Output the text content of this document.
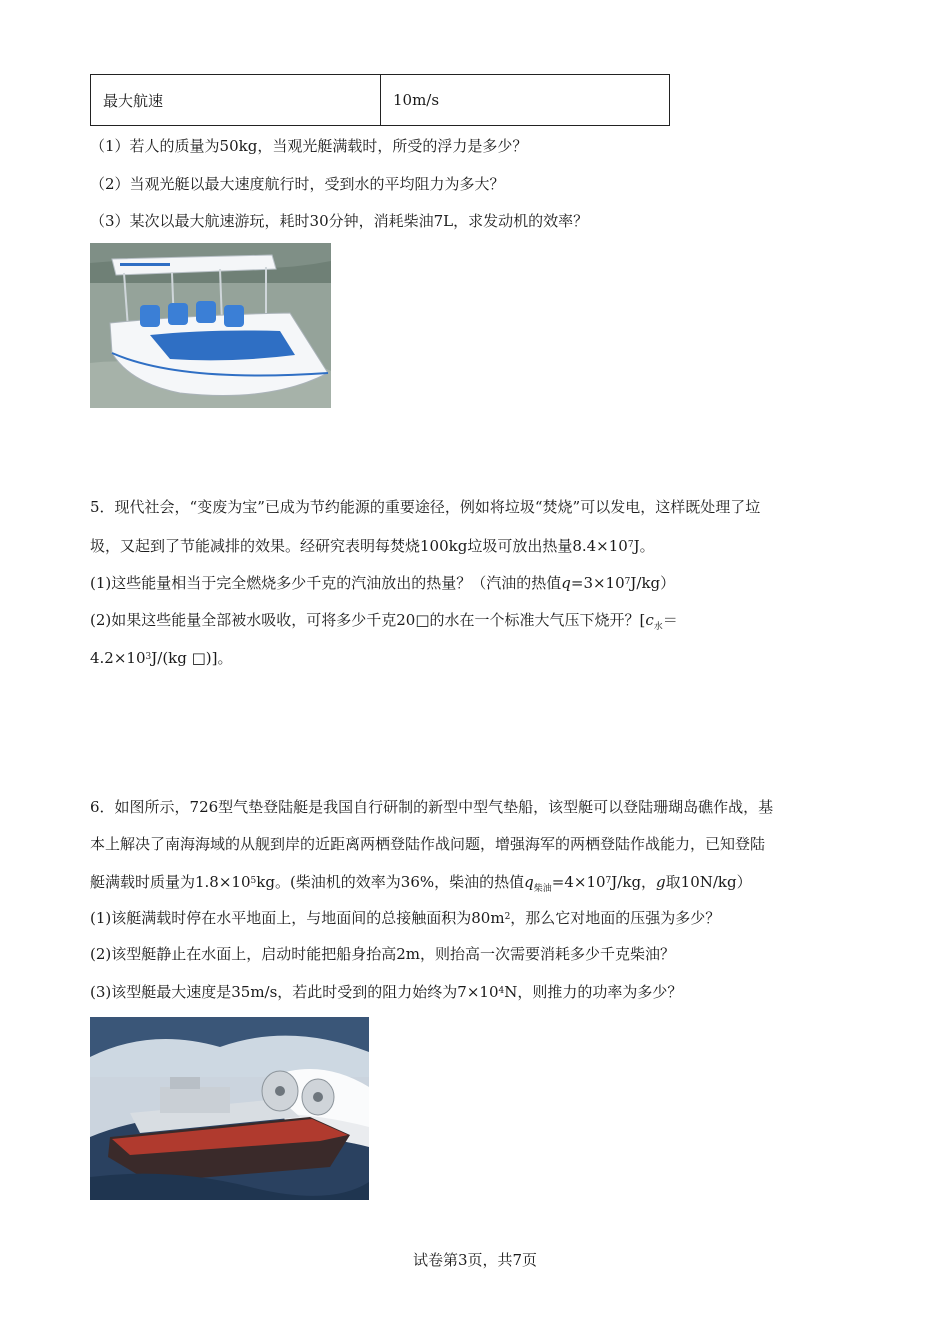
最大航速	10m/s
（1）若人的质量为50kg，当观光艇满载时，所受的浮力是多少？
（2）当观光艇以最大速度航行时，受到水的平均阻力为多大？
（3）某次以最大航速游玩，耗时30分钟，消耗柴油7L，求发动机的效率？
5．现代社会，“变废为宝”已成为节约能源的重要途径，例如将垃圾“焚烧”可以发电，这样既处理了垃
圾，又起到了节能减排的效果。经研究表明每焚烧100kg垃圾可放出热量$8.4\times 10^7J$。
(1)这些能量相当于完全燃烧多少千克的汽油放出的热量？（汽油的热值$q=3\times 10^7J/kg$）
(2)如果这些能量全部被水吸收，可将多少千克20□的水在一个标准大气压下烧开？[$c_水=$
$4.2\times 10^3J/(kg$ □)]。
6．如图所示，726型气垫登陆艇是我国自行研制的新型中型气垫船，该型艇可以登陆珊瑚岛礁作战，基
本上解决了南海海域的从舰到岸的近距离两栖登陆作战问题，增强海军的两栖登陆作战能力，已知登陆
艇满载时质量为$1.8\times 10^5kg$。(柴油机的效率为36%，柴油的热值$q_{柴油}=4\times 10^7J/kg$，g取10N/kg）
(1)该艇满载时停在水平地面上，与地面间的总接触面积为$80m^2$，那么它对地面的压强为多少？
(2)该型艇静止在水面上，启动时能把船身抬高2m，则抬高一次需要消耗多少千克柴油？
(3)该型艇最大速度是35m/s，若此时受到的阻力始终为$7\times 10^4N$，则推力的功率为多少？
试卷第3页，共7页
